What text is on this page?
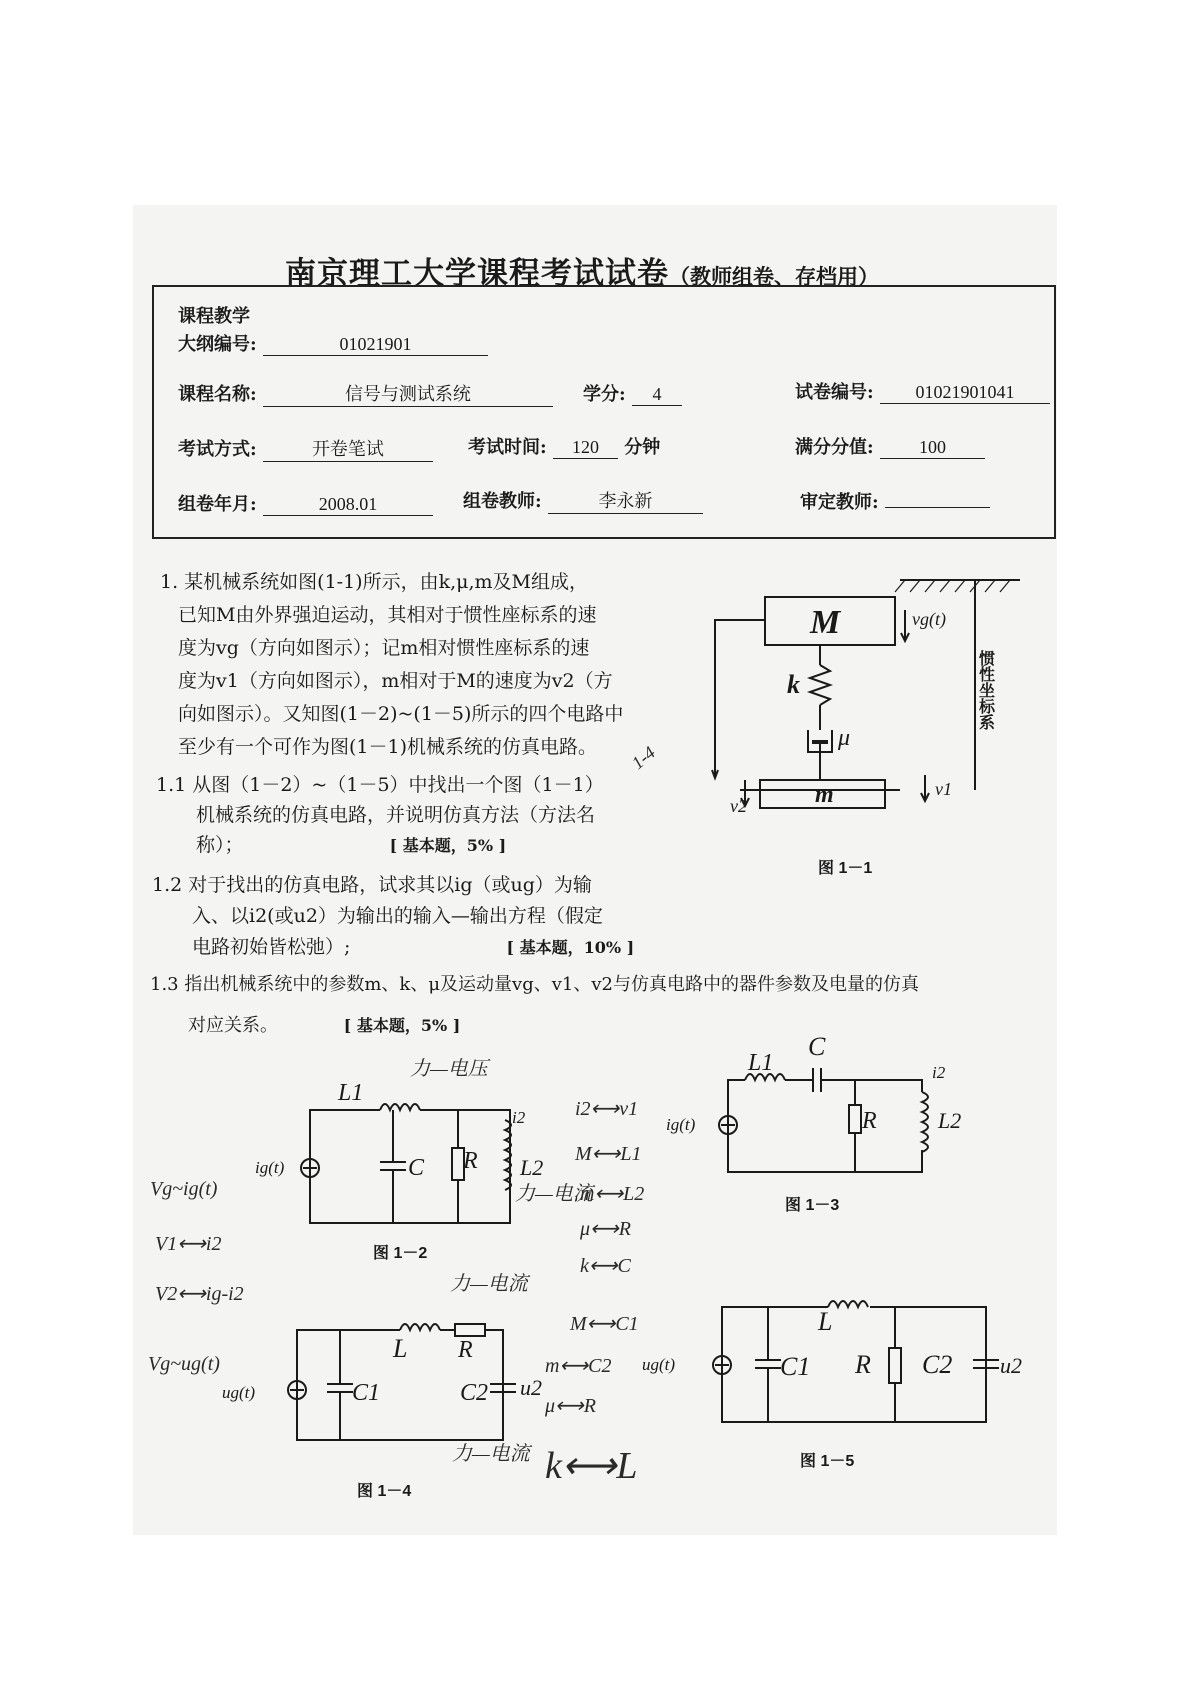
南京理工大学课程考试试卷（教师组卷、存档用）
课程教学
大纲编号:	01021901
课程名称:	信号与测试系统	学分: 4	试卷编号: 01021901041
考试方式:	开卷笔试	考试时间: 120 分钟	满分分值:	100
组卷年月:	2008.01	组卷教师:	李永新	审定教师:
1. 某机械系统如图(1-1)所示，由k,μ,m及M组成，
已知M由外界强迫运动，其相对于惯性座标系的速
度为vg（方向如图示）；记m相对惯性座标系的速
度为v1（方向如图示），m相对于M的速度为v2（方
向如图示）。又知图(1－2)~(1－5)所示的四个电路中
至少有一个可作为图(1－1)机械系统的仿真电路。
1.1 从图（1－2）~（1－5）中找出一个图（1－1）
机械系统的仿真电路，并说明仿真方法（方法名
称）；	[ 基本题，5% ]
1.2 对于找出的仿真电路，试求其以ig（或ug）为输
入、以i2(或u2）为输出的输入—输出方程（假定
电路初始皆松弛）;	[ 基本题，10% ]
1.3 指出机械系统中的参数m、k、μ及运动量vg、v1、v2与仿真电路中的器件参数及电量的仿真
对应关系。	[ 基本题，5% ]
M
k
μ
m
vg(t)
v1
v2
L1
C R L2
ig(t)
i2
L1
C
R	L2
ig(t)
i2
L R
C1	C2
ug(t)	u2
L
C1 R C2
ug(t)	u2
惯性坐标系
力—电压
i2⟷v1
M⟷L1
力—电流
m⟷L2
μ⟷R
k⟷C
Vg~ig(t)
V1⟷i2
V2⟷ig-i2	力—电流
M⟷C1
m⟷C2
μ⟷R
Vg~ug(t)
力—电流 k⟷L
1-4
图 1－1
图 1－2
图 1－3
图 1－4
图 1－5
